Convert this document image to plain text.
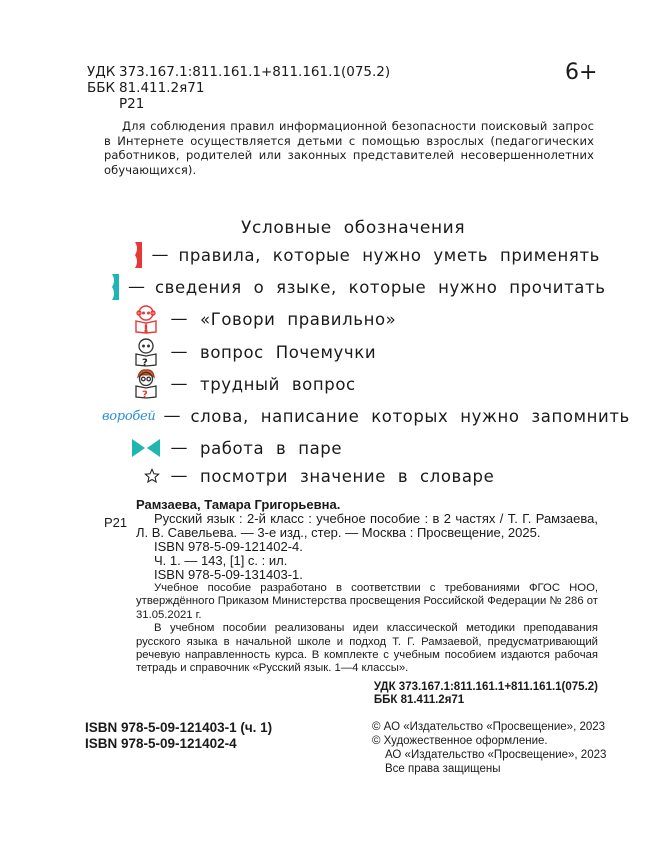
УДК 373.167.1:811.161.1+811.161.1(075.2)
ББК 81.411.2я71
Р21
6+

Для соблюдения правил информационной безопасности поисковый запрос в Интернете осуществляется детьми с помощью взрослых (педагогических работников, родителей или законных представителей несовершеннолетних обучающихся).

Условные обозначения
— правила, которые нужно уметь применять
— сведения о языке, которые нужно прочитать
— «Говори правильно»
?
— вопрос Почемучки
?
— трудный вопрос
воробей — слова, написание которых нужно запомнить
— работа в паре
— посмотри значение в словаре
Р21

Рамзаева, Тамара Григорьевна.

Русский язык : 2-й класс : учебное пособие : в 2 частях / Т. Г. Рамзаева, Л. В. Савельева. — 3-е изд., стер. — Москва : Просвещение, 2025.

ISBN 978-5-09-121402-4.

Ч. 1. — 143, [1] с. : ил.

ISBN 978-5-09-131403-1.

Учебное пособие разработано в соответствии с требованиями ФГОС НОО, утверждённого Приказом Министерства просвещения Российской Федерации № 286 от 31.05.2021 г.

В учебном пособии реализованы идеи классической методики преподавания русского языка в начальной школе и подход Т. Г. Рамзаевой, предусматривающий речевую направленность курса. В комплекте с учебным пособием издаются рабочая тетрадь и справочник «Русский язык. 1—4 классы».

УДК 373.167.1:811.161.1+811.161.1(075.2)
ББК 81.411.2я71
ISBN 978-5-09-121403-1 (ч. 1)
ISBN 978-5-09-121402-4
© АО «Издательство «Просвещение», 2023
© Художественное оформление.
АО «Издательство «Просвещение», 2023
Все права защищены
